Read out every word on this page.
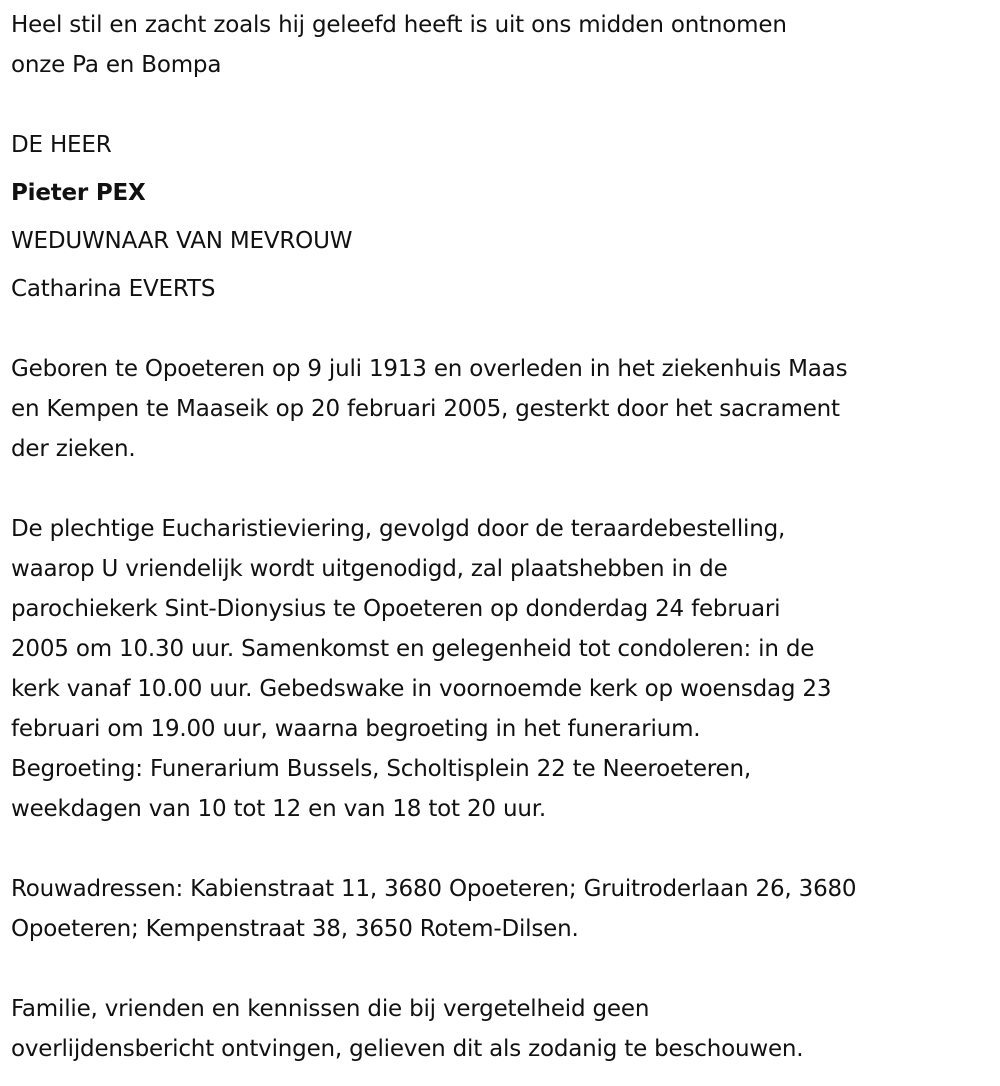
Heel stil en zacht zoals hij geleefd heeft is uit ons midden ontnomen
onze Pa en Bompa
DE HEER
Pieter PEX
WEDUWNAAR VAN MEVROUW
Catharina EVERTS
Geboren te Opoeteren op 9 juli 1913 en overleden in het ziekenhuis Maas
en Kempen te Maaseik op 20 februari 2005, gesterkt door het sacrament
der zieken.
De plechtige Eucharistieviering, gevolgd door de teraardebestelling,
waarop U vriendelijk wordt uitgenodigd, zal plaatshebben in de
parochiekerk Sint-Dionysius te Opoeteren op donderdag 24 februari
2005 om 10.30 uur. Samenkomst en gelegenheid tot condoleren: in de
kerk vanaf 10.00 uur. Gebedswake in voornoemde kerk op woensdag 23
februari om 19.00 uur, waarna begroeting in het funerarium.
Begroeting: Funerarium Bussels, Scholtisplein 22 te Neeroeteren,
weekdagen van 10 tot 12 en van 18 tot 20 uur.
Rouwadressen: Kabienstraat 11, 3680 Opoeteren; Gruitroderlaan 26, 3680
Opoeteren; Kempenstraat 38, 3650 Rotem-Dilsen.
Familie, vrienden en kennissen die bij vergetelheid geen
overlijdensbericht ontvingen, gelieven dit als zodanig te beschouwen.
